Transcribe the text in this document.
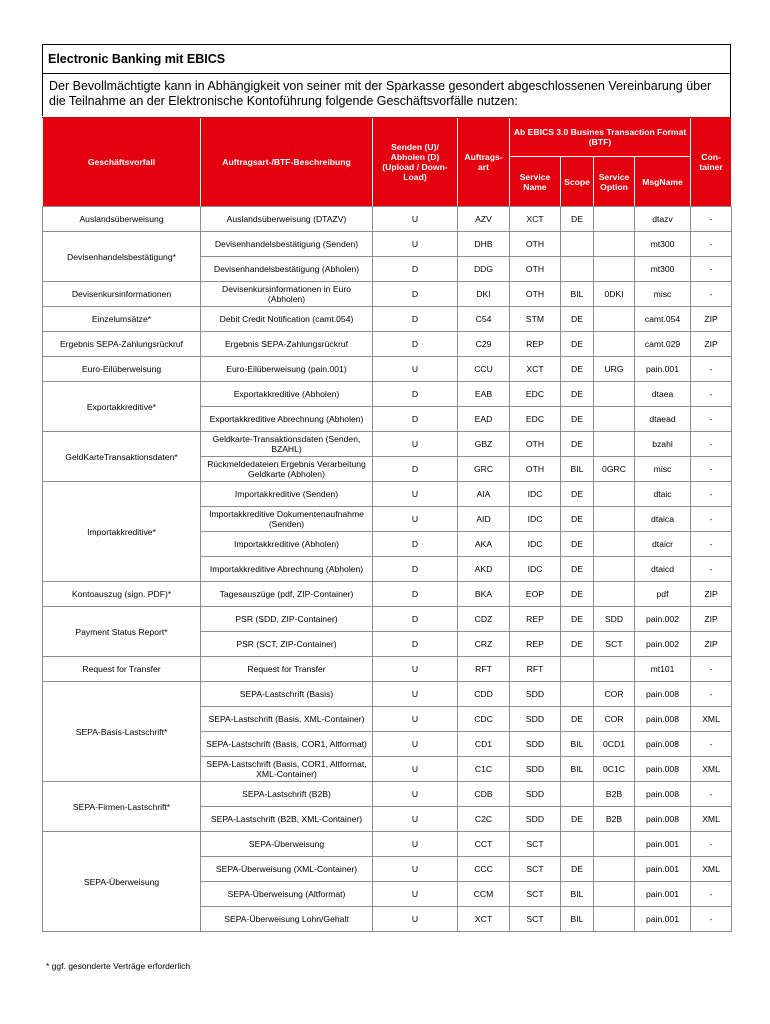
Electronic Banking mit EBICS
Der Bevollmächtigte kann in Abhängigkeit von seiner mit der Sparkasse gesondert abgeschlossenen Vereinbarung über die Teilnahme an der Elektronische Kontoführung folgende Geschäftsvorfälle nutzen:
Geschäftsvorfall	Auftragsart-/BTF-Beschreibung	Senden (U)/ Abholen (D) (Upload / Down-Load)	Auftrags-art	Ab EBICS 3.0 Busines Transaction Format (BTF)				Con-tainer
				Service Name	Scope	Service Option	MsgName	
Auslandsüberweisung	Auslandsüberweisung (DTAZV)	U	AZV	XCT	DE		dtazv	-
Devisenhandelsbestätigung*	Devisenhandelsbestätigung (Senden)	U	DHB	OTH			mt300	-
	Devisenhandelsbestätigung (Abholen)	D	DDG	OTH			mt300	-
Devisenkursinformationen	Devisenkursinformationen in Euro (Abholen)	D	DKI	OTH	BIL	0DKI	misc	-
Einzelumsätze*	Debit Credit Notification (camt.054)	D	C54	STM	DE		camt.054	ZIP
Ergebnis SEPA-Zahlungsrückruf	Ergebnis SEPA-Zahlungsrückruf	D	C29	REP	DE		camt.029	ZIP
Euro-Eilüberweisung	Euro-Eilüberweisung (pain.001)	U	CCU	XCT	DE	URG	pain.001	-
Exportakkreditive*	Exportakkreditive (Abholen)	D	EAB	EDC	DE		dtaea	-
	Exportakkreditive Abrechnung (Abholen)	D	EAD	EDC	DE		dtaead	-
GeldKarteTransaktionsdaten*	Geldkarte-Transaktionsdaten (Senden, BZAHL)	U	GBZ	OTH	DE		bzahl	-
	Rückmeldedateien Ergebnis Verarbeitung Geldkarte (Abholen)	D	GRC	OTH	BIL	0GRC	misc	-
Importakkreditive*	Importakkreditive (Senden)	U	AIA	IDC	DE		dtaic	-
	Importakkreditive Dokumentenaufnahme (Senden)	U	AID	IDC	DE		dtaica	-
	Importakkreditive (Abholen)	D	AKA	IDC	DE		dtaicr	-
	Importakkreditive Abrechnung (Abholen)	D	AKD	IDC	DE		dtaicd	-
Kontoauszug (sign. PDF)*	Tagesauszüge (pdf, ZIP-Container)	D	BKA	EOP	DE		pdf	ZIP
Payment Status Report*	PSR (SDD, ZIP-Container)	D	CDZ	REP	DE	SDD	pain.002	ZIP
	PSR (SCT, ZIP-Container)	D	CRZ	REP	DE	SCT	pain.002	ZIP
Request for Transfer	Request for Transfer	U	RFT	RFT			mt101	-
SEPA-Basis-Lastschrift*	SEPA-Lastschrift (Basis)	U	CDD	SDD		COR	pain.008	-
	SEPA-Lastschrift (Basis, XML-Container)	U	CDC	SDD	DE	COR	pain.008	XML
	SEPA-Lastschrift (Basis, COR1, Altformat)	U	CD1	SDD	BIL	0CD1	pain.008	-
	SEPA-Lastschrift (Basis, COR1, Altformat, XML-Container)	U	C1C	SDD	BIL	0C1C	pain.008	XML
SEPA-Firmen-Lastschrift*	SEPA-Lastschrift (B2B)	U	CDB	SDD		B2B	pain.008	-
	SEPA-Lastschrift (B2B, XML-Container)	U	C2C	SDD	DE	B2B	pain.008	XML
SEPA-Überweisung	SEPA-Überweisung	U	CCT	SCT			pain.001	-
	SEPA-Überweisung (XML-Container)	U	CCC	SCT	DE		pain.001	XML
	SEPA-Überweisung (Altformat)	U	CCM	SCT	BIL		pain.001	-
	SEPA-Überweisung Lohn/Gehalt	U	XCT	SCT	BIL		pain.001	-
* ggf. gesonderte Verträge erforderlich
